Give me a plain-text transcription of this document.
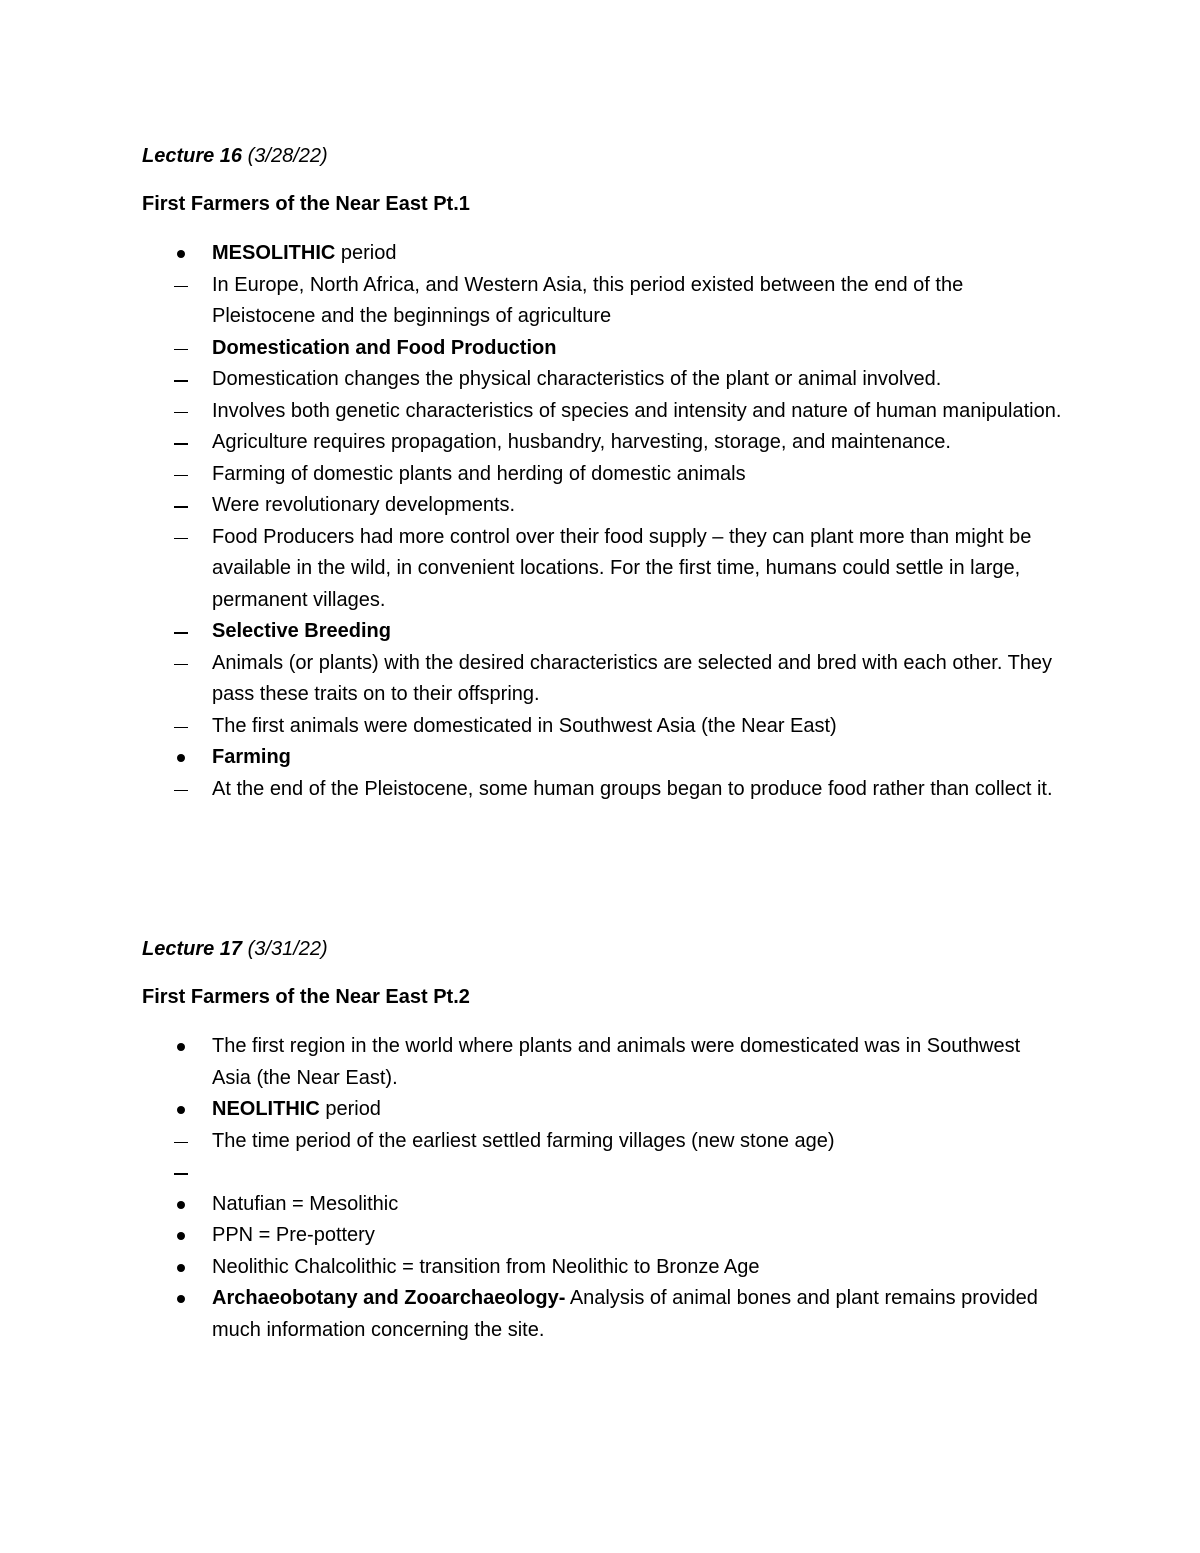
Lecture 16 (3/28/22)
First Farmers of the Near East Pt.1
MESOLITHIC period
In Europe, North Africa, and Western Asia, this period existed between the end of the Pleistocene and the beginnings of agriculture
Domestication and Food Production
Domestication changes the physical characteristics of the plant or animal involved.
Involves both genetic characteristics of species and intensity and nature of human manipulation.
Agriculture requires propagation, husbandry, harvesting, storage, and maintenance.
Farming of domestic plants and herding of domestic animals
Were revolutionary developments.
Food Producers had more control over their food supply – they can plant more than might be available in the wild, in convenient locations. For the first time, humans could settle in large, permanent villages.
Selective Breeding
Animals (or plants) with the desired characteristics are selected and bred with each other. They pass these traits on to their offspring.
The first animals were domesticated in Southwest Asia (the Near East)
Farming
At the end of the Pleistocene, some human groups began to produce food rather than collect it.
Lecture 17 (3/31/22)
First Farmers of the Near East Pt.2
The first region in the world where plants and animals were domesticated was in Southwest Asia (the Near East).
NEOLITHIC period
The time period of the earliest settled farming villages (new stone age)
Natufian = Mesolithic
PPN = Pre-pottery
Neolithic Chalcolithic = transition from Neolithic to Bronze Age
Archaeobotany and Zooarchaeology- Analysis of animal bones and plant remains provided much information concerning the site.
